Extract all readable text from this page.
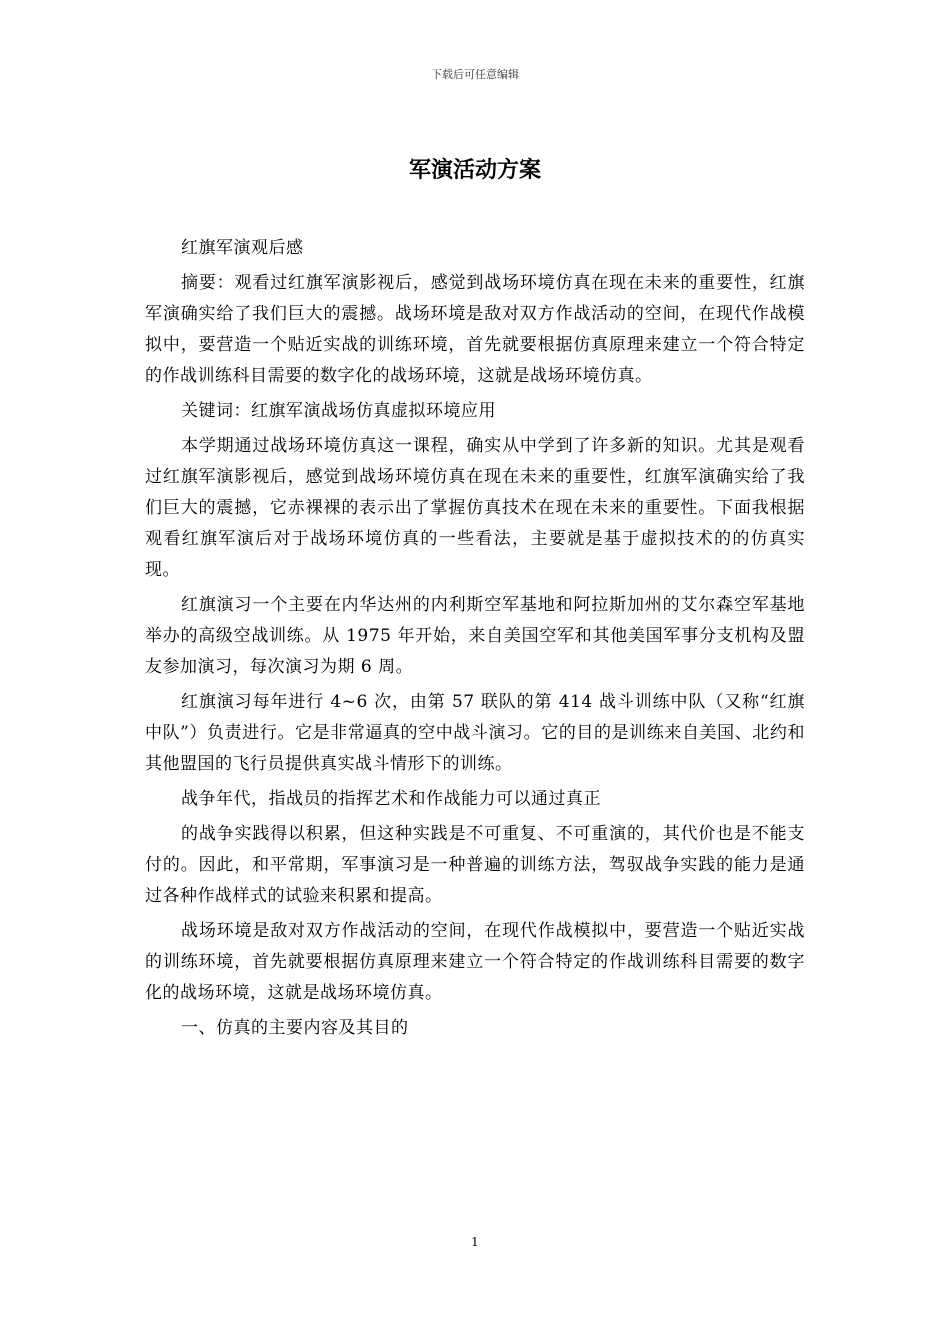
下载后可任意编辑
军演活动方案

红旗军演观后感

摘要：观看过红旗军演影视后，感觉到战场环境仿真在现在未来的重要性，红旗军演确实给了我们巨大的震撼。战场环境是敌对双方作战活动的空间，在现代作战模拟中，要营造一个贴近实战的训练环境，首先就要根据仿真原理来建立一个符合特定的作战训练科目需要的数字化的战场环境，这就是战场环境仿真。

关键词：红旗军演战场仿真虚拟环境应用

本学期通过战场环境仿真这一课程，确实从中学到了许多新的知识。尤其是观看过红旗军演影视后，感觉到战场环境仿真在现在未来的重要性，红旗军演确实给了我们巨大的震撼，它赤裸裸的表示出了掌握仿真技术在现在未来的重要性。下面我根据观看红旗军演后对于战场环境仿真的一些看法，主要就是基于虚拟技术的的仿真实现。

红旗演习一个主要在内华达州的内利斯空军基地和阿拉斯加州的艾尔森空军基地举办的高级空战训练。从 1975 年开始，来自美国空军和其他美国军事分支机构及盟友参加演习，每次演习为期 6 周。

红旗演习每年进行 4~6 次，由第 57 联队的第 414 战斗训练中队（又称“红旗中队”）负责进行。它是非常逼真的空中战斗演习。它的目的是训练来自美国、北约和其他盟国的飞行员提供真实战斗情形下的训练。

战争年代，指战员的指挥艺术和作战能力可以通过真正

的战争实践得以积累，但这种实践是不可重复、不可重演的，其代价也是不能支付的。因此，和平常期，军事演习是一种普遍的训练方法，驾驭战争实践的能力是通过各种作战样式的试验来积累和提高。

战场环境是敌对双方作战活动的空间，在现代作战模拟中，要营造一个贴近实战的训练环境，首先就要根据仿真原理来建立一个符合特定的作战训练科目需要的数字化的战场环境，这就是战场环境仿真。

一、仿真的主要内容及其目的

1
